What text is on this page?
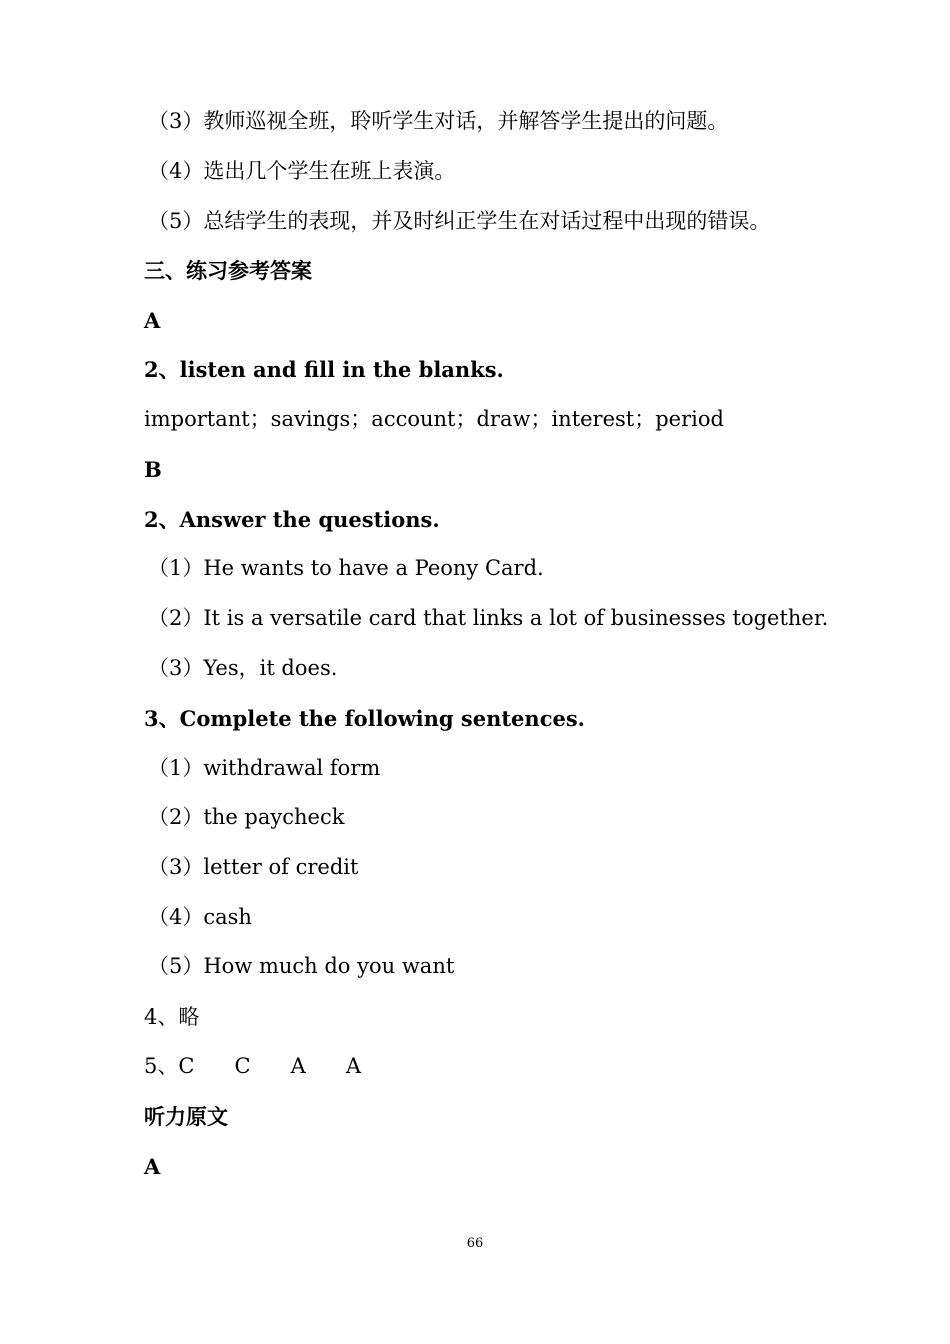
（3）教师巡视全班，聆听学生对话，并解答学生提出的问题。
（4）选出几个学生在班上表演。
（5）总结学生的表现，并及时纠正学生在对话过程中出现的错误。
三、练习参考答案
A
2、listen and fill in the blanks.
important；savings；account；draw；interest；period
B
2、Answer the questions.
（1）He wants to have a Peony Card.
（2）It is a versatile card that links a lot of businesses together.
（3）Yes，it does.
3、Complete the following sentences.
（1）withdrawal form
（2）the paycheck
（3）letter of credit
（4）cash
（5）How much do you want
4、略
5、C      C      A      A
听力原文
A
66
